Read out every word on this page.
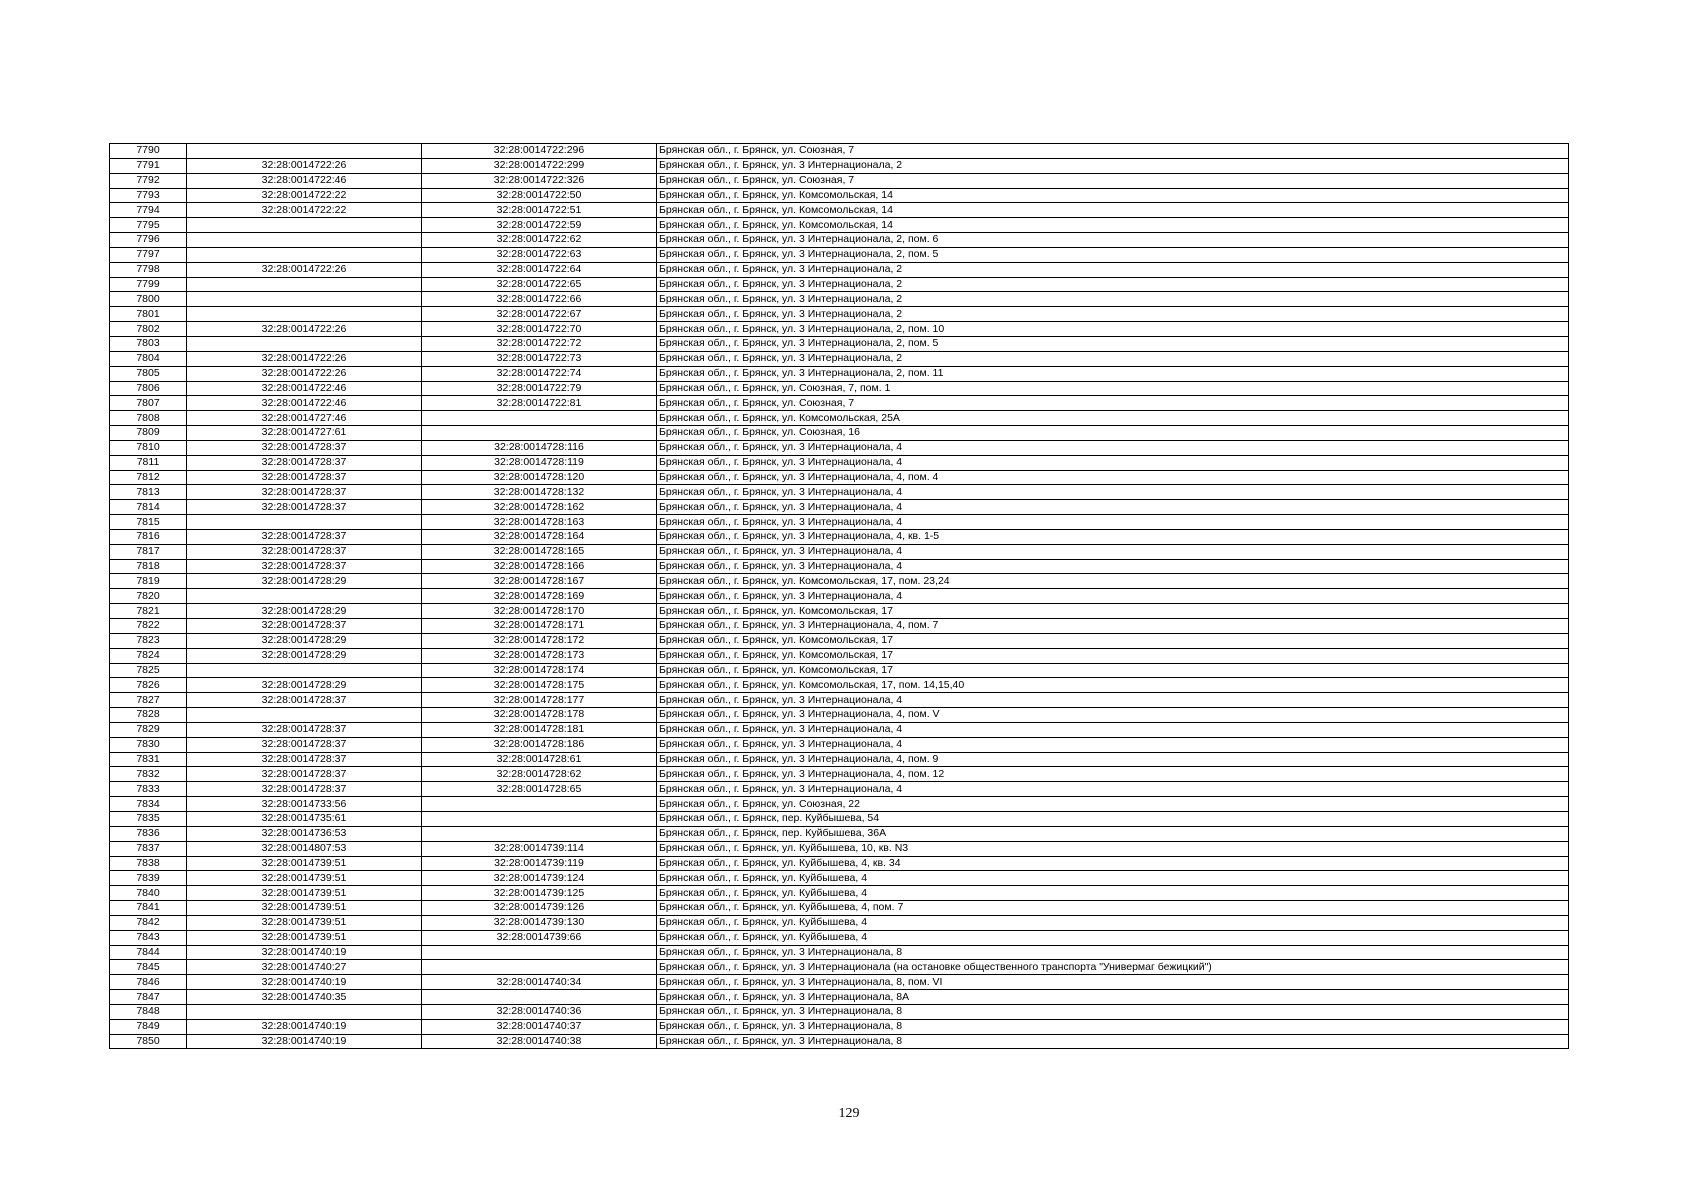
7790		32:28:0014722:296	Брянская обл., г. Брянск, ул. Союзная, 7
7791	32:28:0014722:26	32:28:0014722:299	Брянская обл., г. Брянск, ул. 3 Интернационала, 2
7792	32:28:0014722:46	32:28:0014722:326	Брянская обл., г. Брянск, ул. Союзная, 7
7793	32:28:0014722:22	32:28:0014722:50	Брянская обл., г. Брянск, ул. Комсомольская, 14
7794	32:28:0014722:22	32:28:0014722:51	Брянская обл., г. Брянск, ул. Комсомольская, 14
7795		32:28:0014722:59	Брянская обл., г. Брянск, ул. Комсомольская, 14
7796		32:28:0014722:62	Брянская обл., г. Брянск, ул. 3 Интернационала, 2, пом. 6
7797		32:28:0014722:63	Брянская обл., г. Брянск, ул. 3 Интернационала, 2, пом. 5
7798	32:28:0014722:26	32:28:0014722:64	Брянская обл., г. Брянск, ул. 3 Интернационала, 2
7799		32:28:0014722:65	Брянская обл., г. Брянск, ул. 3 Интернационала, 2
7800		32:28:0014722:66	Брянская обл., г. Брянск, ул. 3 Интернационала, 2
7801		32:28:0014722:67	Брянская обл., г. Брянск, ул. 3 Интернационала, 2
7802	32:28:0014722:26	32:28:0014722:70	Брянская обл., г. Брянск, ул. 3 Интернационала, 2, пом. 10
7803		32:28:0014722:72	Брянская обл., г. Брянск, ул. 3 Интернационала, 2, пом. 5
7804	32:28:0014722:26	32:28:0014722:73	Брянская обл., г. Брянск, ул. 3 Интернационала, 2
7805	32:28:0014722:26	32:28:0014722:74	Брянская обл., г. Брянск, ул. 3 Интернационала, 2, пом. 11
7806	32:28:0014722:46	32:28:0014722:79	Брянская обл., г. Брянск, ул. Союзная, 7, пом. 1
7807	32:28:0014722:46	32:28:0014722:81	Брянская обл., г. Брянск, ул. Союзная, 7
7808	32:28:0014727:46		Брянская обл., г. Брянск, ул. Комсомольская, 25А
7809	32:28:0014727:61		Брянская обл., г. Брянск, ул. Союзная, 16
7810	32:28:0014728:37	32:28:0014728:116	Брянская обл., г. Брянск, ул. 3 Интернационала, 4
7811	32:28:0014728:37	32:28:0014728:119	Брянская обл., г. Брянск, ул. 3 Интернационала, 4
7812	32:28:0014728:37	32:28:0014728:120	Брянская обл., г. Брянск, ул. 3 Интернационала, 4, пом. 4
7813	32:28:0014728:37	32:28:0014728:132	Брянская обл., г. Брянск, ул. 3 Интернационала, 4
7814	32:28:0014728:37	32:28:0014728:162	Брянская обл., г. Брянск, ул. 3 Интернационала, 4
7815		32:28:0014728:163	Брянская обл., г. Брянск, ул. 3 Интернационала, 4
7816	32:28:0014728:37	32:28:0014728:164	Брянская обл., г. Брянск, ул. 3 Интернационала, 4, кв. 1-5
7817	32:28:0014728:37	32:28:0014728:165	Брянская обл., г. Брянск, ул. 3 Интернационала, 4
7818	32:28:0014728:37	32:28:0014728:166	Брянская обл., г. Брянск, ул. 3 Интернационала, 4
7819	32:28:0014728:29	32:28:0014728:167	Брянская обл., г. Брянск, ул. Комсомольская, 17, пом. 23,24
7820		32:28:0014728:169	Брянская обл., г. Брянск, ул. 3 Интернационала, 4
7821	32:28:0014728:29	32:28:0014728:170	Брянская обл., г. Брянск, ул. Комсомольская, 17
7822	32:28:0014728:37	32:28:0014728:171	Брянская обл., г. Брянск, ул. 3 Интернационала, 4, пом. 7
7823	32:28:0014728:29	32:28:0014728:172	Брянская обл., г. Брянск, ул. Комсомольская, 17
7824	32:28:0014728:29	32:28:0014728:173	Брянская обл., г. Брянск, ул. Комсомольская, 17
7825		32:28:0014728:174	Брянская обл., г. Брянск, ул. Комсомольская, 17
7826	32:28:0014728:29	32:28:0014728:175	Брянская обл., г. Брянск, ул. Комсомольская, 17, пом. 14,15,40
7827	32:28:0014728:37	32:28:0014728:177	Брянская обл., г. Брянск, ул. 3 Интернационала, 4
7828		32:28:0014728:178	Брянская обл., г. Брянск, ул. 3 Интернационала, 4, пом. V
7829	32:28:0014728:37	32:28:0014728:181	Брянская обл., г. Брянск, ул. 3 Интернационала, 4
7830	32:28:0014728:37	32:28:0014728:186	Брянская обл., г. Брянск, ул. 3 Интернационала, 4
7831	32:28:0014728:37	32:28:0014728:61	Брянская обл., г. Брянск, ул. 3 Интернационала, 4, пом. 9
7832	32:28:0014728:37	32:28:0014728:62	Брянская обл., г. Брянск, ул. 3 Интернационала, 4, пом. 12
7833	32:28:0014728:37	32:28:0014728:65	Брянская обл., г. Брянск, ул. 3 Интернационала, 4
7834	32:28:0014733:56		Брянская обл., г. Брянск, ул. Союзная, 22
7835	32:28:0014735:61		Брянская обл., г. Брянск, пер. Куйбышева, 54
7836	32:28:0014736:53		Брянская обл., г. Брянск, пер. Куйбышева, 36А
7837	32:28:0014807:53	32:28:0014739:114	Брянская обл., г. Брянск, ул. Куйбышева, 10, кв. N3
7838	32:28:0014739:51	32:28:0014739:119	Брянская обл., г. Брянск, ул. Куйбышева, 4, кв. 34
7839	32:28:0014739:51	32:28:0014739:124	Брянская обл., г. Брянск, ул. Куйбышева, 4
7840	32:28:0014739:51	32:28:0014739:125	Брянская обл., г. Брянск, ул. Куйбышева, 4
7841	32:28:0014739:51	32:28:0014739:126	Брянская обл., г. Брянск, ул. Куйбышева, 4, пом. 7
7842	32:28:0014739:51	32:28:0014739:130	Брянская обл., г. Брянск, ул. Куйбышева, 4
7843	32:28:0014739:51	32:28:0014739:66	Брянская обл., г. Брянск, ул. Куйбышева, 4
7844	32:28:0014740:19		Брянская обл., г. Брянск, ул. 3 Интернационала, 8
7845	32:28:0014740:27		Брянская обл., г. Брянск, ул. 3 Интернационала (на остановке общественного транспорта "Универмаг бежицкий")
7846	32:28:0014740:19	32:28:0014740:34	Брянская обл., г. Брянск, ул. 3 Интернационала, 8, пом. VI
7847	32:28:0014740:35		Брянская обл., г. Брянск, ул. 3 Интернационала, 8А
7848		32:28:0014740:36	Брянская обл., г. Брянск, ул. 3 Интернационала, 8
7849	32:28:0014740:19	32:28:0014740:37	Брянская обл., г. Брянск, ул. 3 Интернационала, 8
7850	32:28:0014740:19	32:28:0014740:38	Брянская обл., г. Брянск, ул. 3 Интернационала, 8
129
